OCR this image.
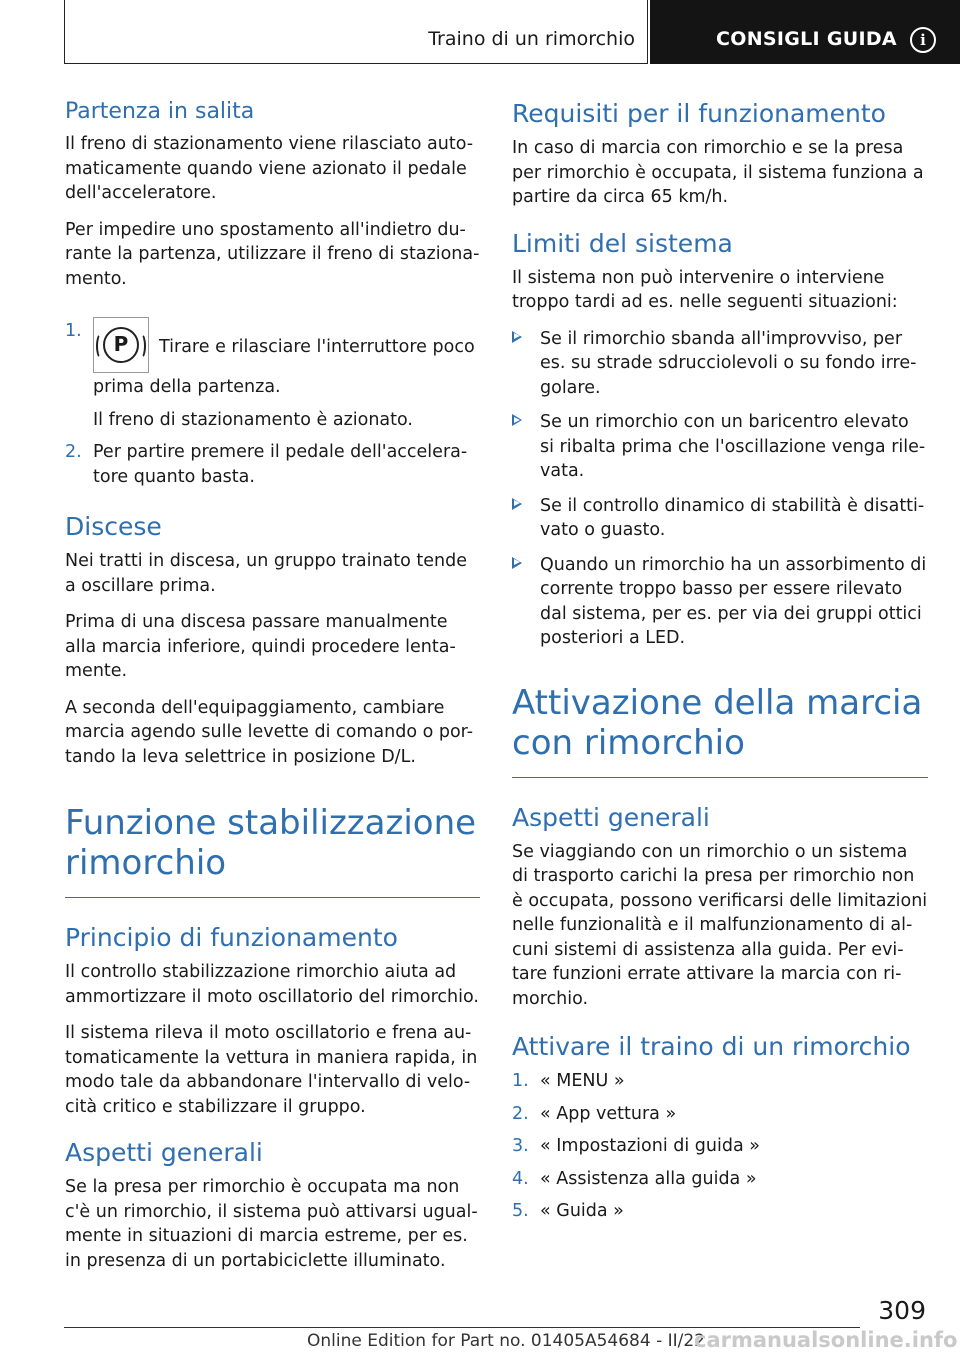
Traino di un rimorchio	CONSIGLI GUIDA	i
Partenza in salita

Il freno di stazionamento viene rilasciato auto-maticamente quando viene azionato il pedale dell'acceleratore.

Per impedire uno spostamento all'indietro du-rante la partenza, utilizzare il freno di staziona-mento.

1.
P	Tirare e rilasciare l'interruttore poco prima della partenza.
Il freno di stazionamento è azionato.
2. Per partire premere il pedale dell'accelera-tore quanto basta.
Discese

Nei tratti in discesa, un gruppo trainato tende a oscillare prima.

Prima di una discesa passare manualmente alla marcia inferiore, quindi procedere lenta-mente.

A seconda dell'equipaggiamento, cambiare marcia agendo sulle levette di comando o por-tando la leva selettrice in posizione D/L.

Funzione stabilizzazione rimorchio
Principio di funzionamento

Il controllo stabilizzazione rimorchio aiuta ad ammortizzare il moto oscillatorio del rimorchio.

Il sistema rileva il moto oscillatorio e frena au-tomaticamente la vettura in maniera rapida, in modo tale da abbandonare l'intervallo di velo-cità critico e stabilizzare il gruppo.

Aspetti generali

Se la presa per rimorchio è occupata ma non c'è un rimorchio, il sistema può attivarsi ugual-mente in situazioni di marcia estreme, per es. in presenza di un portabiciclette illuminato.

Requisiti per il funzionamento

In caso di marcia con rimorchio e se la presa per rimorchio è occupata, il sistema funziona a partire da circa 65 km/h.

Limiti del sistema

Il sistema non può intervenire o interviene troppo tardi ad es. nelle seguenti situazioni:

Se il rimorchio sbanda all'improvviso, per es. su strade sdrucciolevoli o su fondo irre-golare.
Se un rimorchio con un baricentro elevato si ribalta prima che l'oscillazione venga rile-vata.
Se il controllo dinamico di stabilità è disatti-vato o guasto.
Quando un rimorchio ha un assorbimento di corrente troppo basso per essere rilevato dal sistema, per es. per via dei gruppi ottici posteriori a LED.
Attivazione della marcia con rimorchio
Aspetti generali

Se viaggiando con un rimorchio o un sistema di trasporto carichi la presa per rimorchio non è occupata, possono verificarsi delle limitazioni nelle funzionalità e il malfunzionamento di al-cuni sistemi di assistenza alla guida. Per evi-tare funzioni errate attivare la marcia con ri-morchio.

Attivare il traino di un rimorchio
1. « MENU »
2. « App vettura »
3. « Impostazioni di guida »
4. « Assistenza alla guida »
5. « Guida »
309
Online Edition for Part no. 01405A54684 - II/22
carmanualsonline.info
